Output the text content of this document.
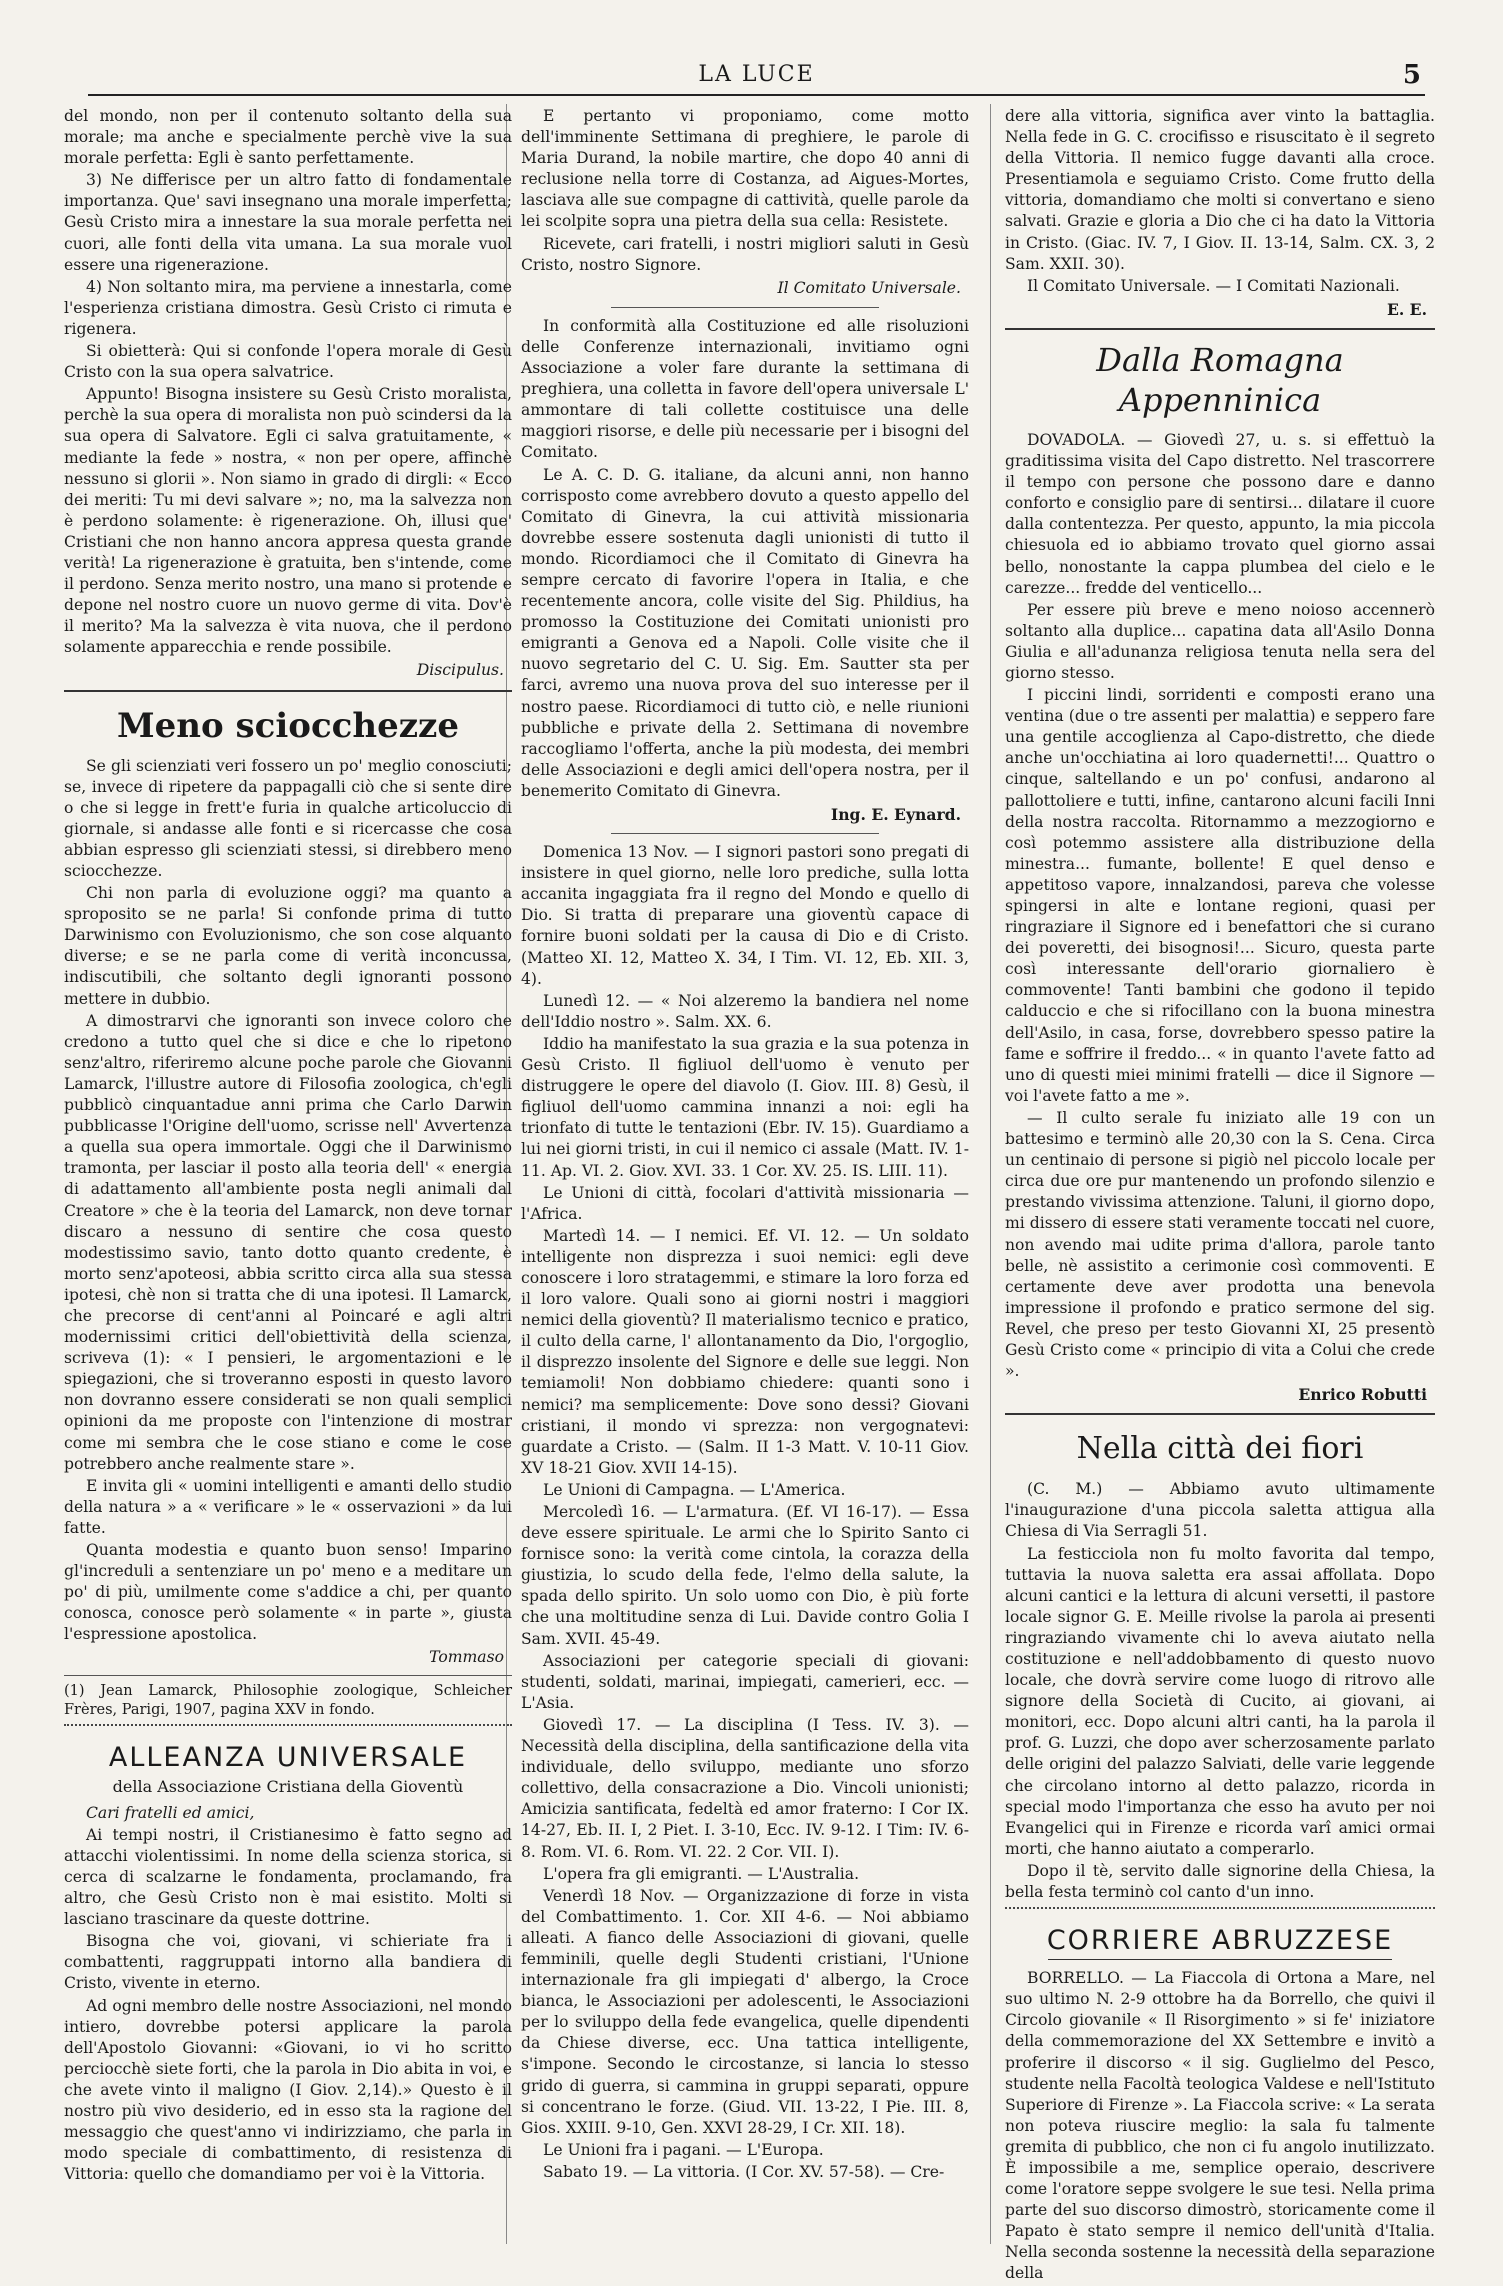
LA LUCE	5

del mondo, non per il contenuto soltanto della sua morale; ma anche e specialmente perchè vive la sua morale perfetta: Egli è santo perfettamente.

3) Ne differisce per un altro fatto di fondamentale importanza. Que' savi insegnano una morale imperfetta; Gesù Cristo mira a innestare la sua morale perfetta nei cuori, alle fonti della vita umana. La sua morale vuol essere una rigenerazione.

4) Non soltanto mira, ma perviene a innestarla, come l'esperienza cristiana dimostra. Gesù Cristo ci rimuta e rigenera.

Si obietterà: Qui si confonde l'opera morale di Gesù Cristo con la sua opera salvatrice.

Appunto! Bisogna insistere su Gesù Cristo moralista, perchè la sua opera di moralista non può scindersi da la sua opera di Salvatore. Egli ci salva gratuitamente, « mediante la fede » nostra, « non per opere, affinchè nessuno si glorii ». Non siamo in grado di dirgli: « Ecco dei meriti: Tu mi devi salvare »; no, ma la salvezza non è perdono solamente: è rigenerazione. Oh, illusi que' Cristiani che non hanno ancora appresa questa grande verità! La rigenerazione è gratuita, ben s'intende, come il perdono. Senza merito nostro, una mano si protende e depone nel nostro cuore un nuovo germe di vita. Dov'è il merito? Ma la salvezza è vita nuova, che il perdono solamente apparecchia e rende possibile.

Discipulus.
Meno sciocchezze

Se gli scienziati veri fossero un po' meglio conosciuti; se, invece di ripetere da pappagalli ciò che si sente dire o che si legge in frett'e furia in qualche articoluccio di giornale, si andasse alle fonti e si ricercasse che cosa abbian espresso gli scienziati stessi, si direbbero meno sciocchezze.

Chi non parla di evoluzione oggi? ma quanto a sproposito se ne parla! Si confonde prima di tutto Darwinismo con Evoluzionismo, che son cose alquanto diverse; e se ne parla come di verità inconcussa, indiscutibili, che soltanto degli ignoranti possono mettere in dubbio.

A dimostrarvi che ignoranti son invece coloro che credono a tutto quel che si dice e che lo ripetono senz'altro, riferiremo alcune poche parole che Giovanni Lamarck, l'illustre autore di Filosofia zoologica, ch'egli pubblicò cinquantadue anni prima che Carlo Darwin pubblicasse l'Origine dell'uomo, scrisse nell' Avvertenza a quella sua opera immortale. Oggi che il Darwinismo tramonta, per lasciar il posto alla teoria dell' « energia di adattamento all'ambiente posta negli animali dal Creatore » che è la teoria del Lamarck, non deve tornar discaro a nessuno di sentire che cosa questo modestissimo savio, tanto dotto quanto credente, è morto senz'apoteosi, abbia scritto circa alla sua stessa ipotesi, chè non si tratta che di una ipotesi. Il Lamarck, che precorse di cent'anni al Poincaré e agli altri modernissimi critici dell'obiettività della scienza, scriveva (1): « I pensieri, le argomentazioni e le spiegazioni, che si troveranno esposti in questo lavoro non dovranno essere considerati se non quali semplici opinioni da me proposte con l'intenzione di mostrar come mi sembra che le cose stiano e come le cose potrebbero anche realmente stare ».

E invita gli « uomini intelligenti e amanti dello studio della natura » a « verificare » le « osservazioni » da lui fatte.

Quanta modestia e quanto buon senso! Imparino gl'increduli a sentenziare un po' meno e a meditare un po' di più, umilmente come s'addice a chi, per quanto conosca, conosce però solamente « in parte », giusta l'espressione apostolica.

Tommaso

(1) Jean Lamarck, Philosophie zoologique, Schleicher Frères, Parigi, 1907, pagina XXV in fondo.

ALLEANZA UNIVERSALE
della Associazione Cristiana della Gioventù

Cari fratelli ed amici,

Ai tempi nostri, il Cristianesimo è fatto segno ad attacchi violentissimi. In nome della scienza storica, si cerca di scalzarne le fondamenta, proclamando, fra altro, che Gesù Cristo non è mai esistito. Molti si lasciano trascinare da queste dottrine.

Bisogna che voi, giovani, vi schieriate fra i combattenti, raggruppati intorno alla bandiera di Cristo, vivente in eterno.

Ad ogni membro delle nostre Associazioni, nel mondo intiero, dovrebbe potersi applicare la parola dell'Apostolo Giovanni: «Giovani, io vi ho scritto perciocchè siete forti, che la parola in Dio abita in voi, e che avete vinto il maligno (I Giov. 2,14).» Questo è il nostro più vivo desiderio, ed in esso sta la ragione del messaggio che quest'anno vi indirizziamo, che parla in modo speciale di combattimento, di resistenza di Vittoria: quello che domandiamo per voi è la Vittoria.

E pertanto vi proponiamo, come motto dell'imminente Settimana di preghiere, le parole di Maria Durand, la nobile martire, che dopo 40 anni di reclusione nella torre di Costanza, ad Aigues-Mortes, lasciava alle sue compagne di cattività, quelle parole da lei scolpite sopra una pietra della sua cella: Resistete.

Ricevete, cari fratelli, i nostri migliori saluti in Gesù Cristo, nostro Signore.

Il Comitato Universale.

In conformità alla Costituzione ed alle risoluzioni delle Conferenze internazionali, invitiamo ogni Associazione a voler fare durante la settimana di preghiera, una colletta in favore dell'opera universale L' ammontare di tali collette costituisce una delle maggiori risorse, e delle più necessarie per i bisogni del Comitato.

Le A. C. D. G. italiane, da alcuni anni, non hanno corrisposto come avrebbero dovuto a questo appello del Comitato di Ginevra, la cui attività missionaria dovrebbe essere sostenuta dagli unionisti di tutto il mondo. Ricordiamoci che il Comitato di Ginevra ha sempre cercato di favorire l'opera in Italia, e che recentemente ancora, colle visite del Sig. Phildius, ha promosso la Costituzione dei Comitati unionisti pro emigranti a Genova ed a Napoli. Colle visite che il nuovo segretario del C. U. Sig. Em. Sautter sta per farci, avremo una nuova prova del suo interesse per il nostro paese. Ricordiamoci di tutto ciò, e nelle riunioni pubbliche e private della 2. Settimana di novembre raccogliamo l'offerta, anche la più modesta, dei membri delle Associazioni e degli amici dell'opera nostra, per il benemerito Comitato di Ginevra.

Ing. E. Eynard.

Domenica 13 Nov. — I signori pastori sono pregati di insistere in quel giorno, nelle loro prediche, sulla lotta accanita ingaggiata fra il regno del Mondo e quello di Dio. Si tratta di preparare una gioventù capace di fornire buoni soldati per la causa di Dio e di Cristo. (Matteo XI. 12, Matteo X. 34, I Tim. VI. 12, Eb. XII. 3, 4).

Lunedì 12. — « Noi alzeremo la bandiera nel nome dell'Iddio nostro ». Salm. XX. 6.

Iddio ha manifestato la sua grazia e la sua potenza in Gesù Cristo. Il figliuol dell'uomo è venuto per distruggere le opere del diavolo (I. Giov. III. 8) Gesù, il figliuol dell'uomo cammina innanzi a noi: egli ha trionfato di tutte le tentazioni (Ebr. IV. 15). Guardiamo a lui nei giorni tristi, in cui il nemico ci assale (Matt. IV. 1-11. Ap. VI. 2. Giov. XVI. 33. 1 Cor. XV. 25. IS. LIII. 11).

Le Unioni di città, focolari d'attività missionaria — l'Africa.

Martedì 14. — I nemici. Ef. VI. 12. — Un soldato intelligente non disprezza i suoi nemici: egli deve conoscere i loro stratagemmi, e stimare la loro forza ed il loro valore. Quali sono ai giorni nostri i maggiori nemici della gioventù? Il materialismo tecnico e pratico, il culto della carne, l' allontanamento da Dio, l'orgoglio, il disprezzo insolente del Signore e delle sue leggi. Non temiamoli! Non dobbiamo chiedere: quanti sono i nemici? ma semplicemente: Dove sono dessi? Giovani cristiani, il mondo vi sprezza: non vergognatevi: guardate a Cristo. — (Salm. II 1-3 Matt. V. 10-11 Giov. XV 18-21 Giov. XVII 14-15).

Le Unioni di Campagna. — L'America.

Mercoledì 16. — L'armatura. (Ef. VI 16-17). — Essa deve essere spirituale. Le armi che lo Spirito Santo ci fornisce sono: la verità come cintola, la corazza della giustizia, lo scudo della fede, l'elmo della salute, la spada dello spirito. Un solo uomo con Dio, è più forte che una moltitudine senza di Lui. Davide contro Golia I Sam. XVII. 45-49.

Associazioni per categorie speciali di giovani: studenti, soldati, marinai, impiegati, camerieri, ecc. — L'Asia.

Giovedì 17. — La disciplina (I Tess. IV. 3). — Necessità della disciplina, della santificazione della vita individuale, dello sviluppo, mediante uno sforzo collettivo, della consacrazione a Dio. Vincoli unionisti; Amicizia santificata, fedeltà ed amor fraterno: I Cor IX. 14-27, Eb. II. I, 2 Piet. I. 3-10, Ecc. IV. 9-12. I Tim: IV. 6-8. Rom. VI. 6. Rom. VI. 22. 2 Cor. VII. I).

L'opera fra gli emigranti. — L'Australia.

Venerdì 18 Nov. — Organizzazione di forze in vista del Combattimento. 1. Cor. XII 4-6. — Noi abbiamo alleati. A fianco delle Associazioni di giovani, quelle femminili, quelle degli Studenti cristiani, l'Unione internazionale fra gli impiegati d' albergo, la Croce bianca, le Associazioni per adolescenti, le Associazioni per lo sviluppo della fede evangelica, quelle dipendenti da Chiese diverse, ecc. Una tattica intelligente, s'impone. Secondo le circostanze, si lancia lo stesso grido di guerra, si cammina in gruppi separati, oppure si concentrano le forze. (Giud. VII. 13-22, I Pie. III. 8, Gios. XXIII. 9-10, Gen. XXVI 28-29, I Cr. XII. 18).

Le Unioni fra i pagani. — L'Europa.

Sabato 19. — La vittoria. (I Cor. XV. 57-58). — Cre-

dere alla vittoria, significa aver vinto la battaglia. Nella fede in G. C. crocifisso e risuscitato è il segreto della Vittoria. Il nemico fugge davanti alla croce. Presentiamola e seguiamo Cristo. Come frutto della vittoria, domandiamo che molti si convertano e sieno salvati. Grazie e gloria a Dio che ci ha dato la Vittoria in Cristo. (Giac. IV. 7, I Giov. II. 13-14, Salm. CX. 3, 2 Sam. XXII. 30).

Il Comitato Universale. — I Comitati Nazionali.

E. E.
Dalla Romagna Appenninica

DOVADOLA. — Giovedì 27, u. s. si effettuò la graditissima visita del Capo distretto. Nel trascorrere il tempo con persone che possono dare e danno conforto e consiglio pare di sentirsi... dilatare il cuore dalla contentezza. Per questo, appunto, la mia piccola chiesuola ed io abbiamo trovato quel giorno assai bello, nonostante la cappa plumbea del cielo e le carezze... fredde del venticello...

Per essere più breve e meno noioso accennerò soltanto alla duplice... capatina data all'Asilo Donna Giulia e all'adunanza religiosa tenuta nella sera del giorno stesso.

I piccini lindi, sorridenti e composti erano una ventina (due o tre assenti per malattia) e seppero fare una gentile accoglienza al Capo-distretto, che diede anche un'occhiatina ai loro quadernetti!... Quattro o cinque, saltellando e un po' confusi, andarono al pallottoliere e tutti, infine, cantarono alcuni facili Inni della nostra raccolta. Ritornammo a mezzogiorno e così potemmo assistere alla distribuzione della minestra... fumante, bollente! E quel denso e appetitoso vapore, innalzandosi, pareva che volesse spingersi in alte e lontane regioni, quasi per ringraziare il Signore ed i benefattori che si curano dei poveretti, dei bisognosi!... Sicuro, questa parte così interessante dell'orario giornaliero è commovente! Tanti bambini che godono il tepido calduccio e che si rifocillano con la buona minestra dell'Asilo, in casa, forse, dovrebbero spesso patire la fame e soffrire il freddo... « in quanto l'avete fatto ad uno di questi miei minimi fratelli — dice il Signore — voi l'avete fatto a me ».

— Il culto serale fu iniziato alle 19 con un battesimo e terminò alle 20,30 con la S. Cena. Circa un centinaio di persone si pigiò nel piccolo locale per circa due ore pur mantenendo un profondo silenzio e prestando vivissima attenzione. Taluni, il giorno dopo, mi dissero di essere stati veramente toccati nel cuore, non avendo mai udite prima d'allora, parole tanto belle, nè assistito a cerimonie così commoventi. E certamente deve aver prodotta una benevola impressione il profondo e pratico sermone del sig. Revel, che preso per testo Giovanni XI, 25 presentò Gesù Cristo come « principio di vita a Colui che crede ».

Enrico Robutti
Nella città dei fiori

(C. M.) — Abbiamo avuto ultimamente l'inaugurazione d'una piccola saletta attigua alla Chiesa di Via Serragli 51.

La festicciola non fu molto favorita dal tempo, tuttavia la nuova saletta era assai affollata. Dopo alcuni cantici e la lettura di alcuni versetti, il pastore locale signor G. E. Meille rivolse la parola ai presenti ringraziando vivamente chi lo aveva aiutato nella costituzione e nell'addobbamento di questo nuovo locale, che dovrà servire come luogo di ritrovo alle signore della Società di Cucito, ai giovani, ai monitori, ecc. Dopo alcuni altri canti, ha la parola il prof. G. Luzzi, che dopo aver scherzosamente parlato delle origini del palazzo Salviati, delle varie leggende che circolano intorno al detto palazzo, ricorda in special modo l'importanza che esso ha avuto per noi Evangelici qui in Firenze e ricorda varî amici ormai morti, che hanno aiutato a comperarlo.

Dopo il tè, servito dalle signorine della Chiesa, la bella festa terminò col canto d'un inno.

CORRIERE ABRUZZESE

BORRELLO. — La Fiaccola di Ortona a Mare, nel suo ultimo N. 2-9 ottobre ha da Borrello, che quivi il Circolo giovanile « Il Risorgimento » si fe' iniziatore della commemorazione del XX Settembre e invitò a proferire il discorso « il sig. Guglielmo del Pesco, studente nella Facoltà teologica Valdese e nell'Istituto Superiore di Firenze ». La Fiaccola scrive: « La serata non poteva riuscire meglio: la sala fu talmente gremita di pubblico, che non ci fu angolo inutilizzato. È impossibile a me, semplice operaio, descrivere come l'oratore seppe svolgere le sue tesi. Nella prima parte del suo discorso dimostrò, storicamente come il Papato è stato sempre il nemico dell'unità d'Italia. Nella seconda sostenne la necessità della separazione della
